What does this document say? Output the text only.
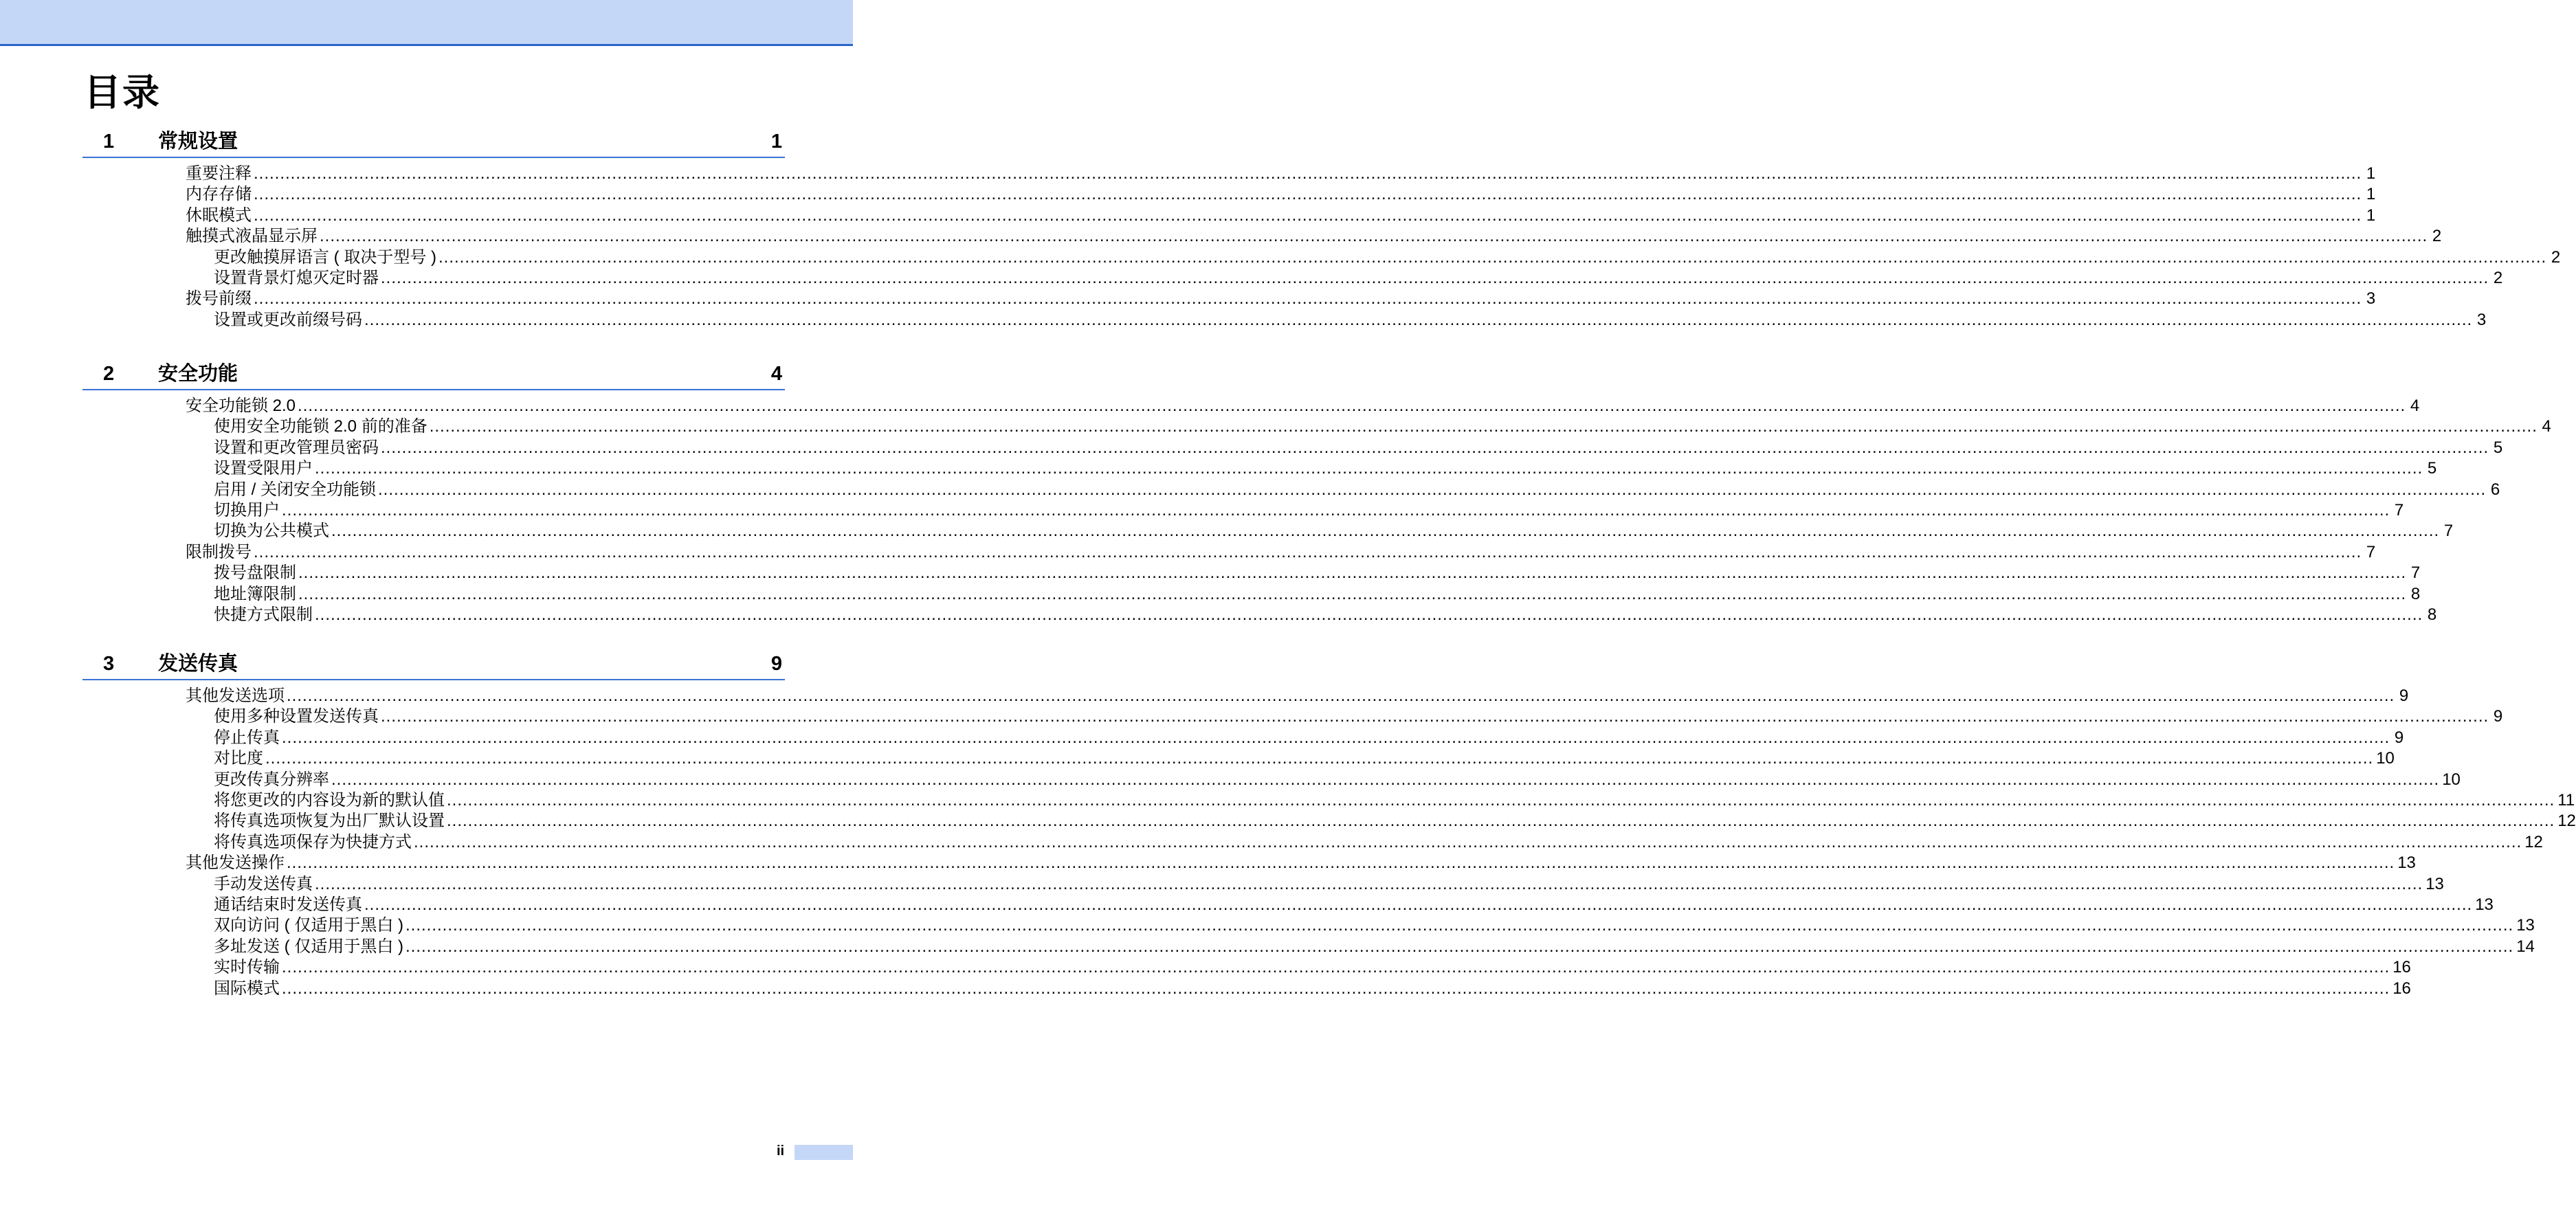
目录
1 常规设置	1
重要注释 ................................................................................................................................................................................................................................................................................................................................................................................................................ 1
内存存储 ................................................................................................................................................................................................................................................................................................................................................................................................................ 1
休眠模式 ................................................................................................................................................................................................................................................................................................................................................................................................................ 1
触摸式液晶显示屏 ................................................................................................................................................................................................................................................................................................................................................................................................................ 2
更改触摸屏语言 ( 取决于型号 ) ................................................................................................................................................................................................................................................................................................................................................................................................................ 2
设置背景灯熄灭定时器 ................................................................................................................................................................................................................................................................................................................................................................................................................ 2
拨号前缀 ................................................................................................................................................................................................................................................................................................................................................................................................................ 3
设置或更改前缀号码 ................................................................................................................................................................................................................................................................................................................................................................................................................ 3
2 安全功能	4
安全功能锁 2.0 ................................................................................................................................................................................................................................................................................................................................................................................................................ 4
使用安全功能锁 2.0 前的准备 ................................................................................................................................................................................................................................................................................................................................................................................................................ 4
设置和更改管理员密码 ................................................................................................................................................................................................................................................................................................................................................................................................................ 5
设置受限用户 ................................................................................................................................................................................................................................................................................................................................................................................................................ 5
启用 / 关闭安全功能锁 ................................................................................................................................................................................................................................................................................................................................................................................................................ 6
切换用户 ................................................................................................................................................................................................................................................................................................................................................................................................................ 7
切换为公共模式 ................................................................................................................................................................................................................................................................................................................................................................................................................ 7
限制拨号 ................................................................................................................................................................................................................................................................................................................................................................................................................ 7
拨号盘限制 ................................................................................................................................................................................................................................................................................................................................................................................................................ 7
地址簿限制 ................................................................................................................................................................................................................................................................................................................................................................................................................ 8
快捷方式限制 ................................................................................................................................................................................................................................................................................................................................................................................................................ 8
3 发送传真	9
其他发送选项 ................................................................................................................................................................................................................................................................................................................................................................................................................ 9
使用多种设置发送传真 ................................................................................................................................................................................................................................................................................................................................................................................................................ 9
停止传真 ................................................................................................................................................................................................................................................................................................................................................................................................................ 9
对比度 ................................................................................................................................................................................................................................................................................................................................................................................................................ 10
更改传真分辨率 ................................................................................................................................................................................................................................................................................................................................................................................................................ 10
将您更改的内容设为新的默认值 ................................................................................................................................................................................................................................................................................................................................................................................................................ 11
将传真选项恢复为出厂默认设置 ................................................................................................................................................................................................................................................................................................................................................................................................................ 12
将传真选项保存为快捷方式 ................................................................................................................................................................................................................................................................................................................................................................................................................ 12
其他发送操作 ................................................................................................................................................................................................................................................................................................................................................................................................................ 13
手动发送传真 ................................................................................................................................................................................................................................................................................................................................................................................................................ 13
通话结束时发送传真 ................................................................................................................................................................................................................................................................................................................................................................................................................ 13
双向访问 ( 仅适用于黑白 ) ................................................................................................................................................................................................................................................................................................................................................................................................................ 13
多址发送 ( 仅适用于黑白 ) ................................................................................................................................................................................................................................................................................................................................................................................................................ 14
实时传输 ................................................................................................................................................................................................................................................................................................................................................................................................................ 16
国际模式 ................................................................................................................................................................................................................................................................................................................................................................................................................ 16
ii
